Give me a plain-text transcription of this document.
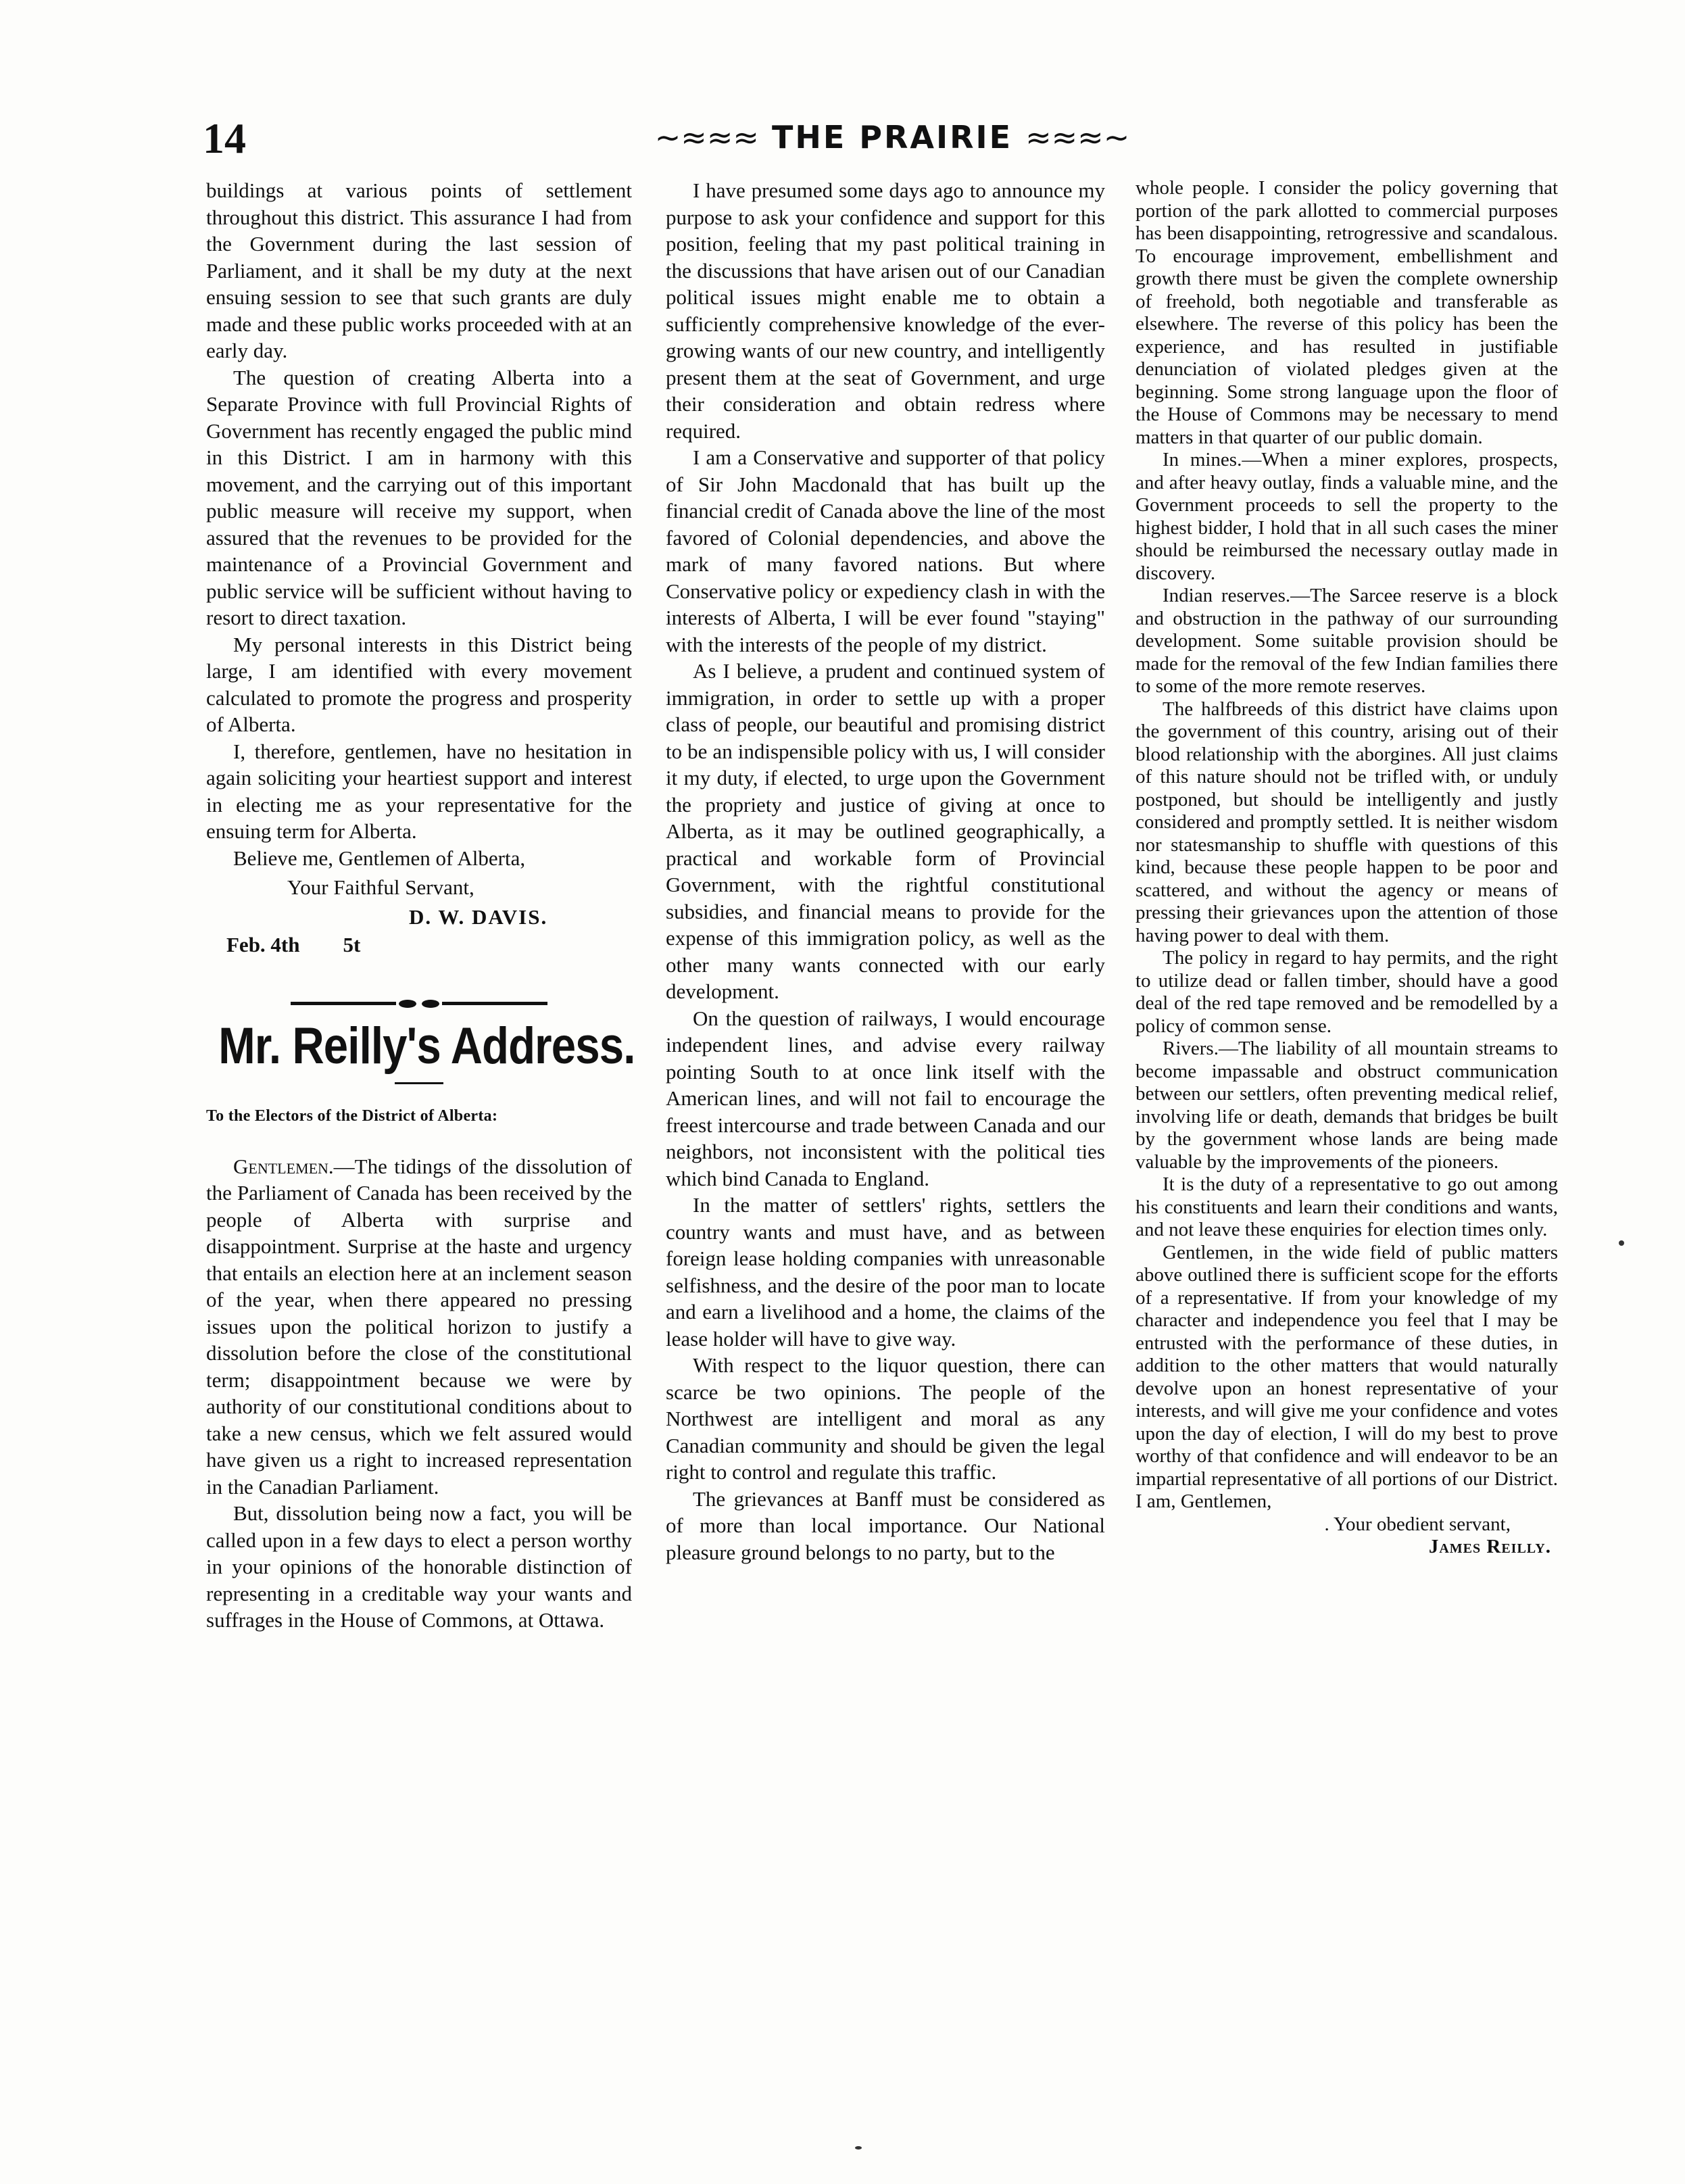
14	~≈≈≈ THE PRAIRIE ≈≈≈~

buildings at various points of settlement throughout this district. This assurance I had from the Government during the last session of Parliament, and it shall be my duty at the next ensuing session to see that such grants are duly made and these public works proceeded with at an early day.

The question of creating Alberta into a Separate Province with full Provincial Rights of Government has recently engaged the public mind in this District. I am in harmony with this movement, and the carrying out of this important public measure will receive my support, when assured that the revenues to be provided for the maintenance of a Provincial Government and public service will be sufficient without having to resort to direct taxation.

My personal interests in this District being large, I am identified with every movement calculated to promote the progress and prosperity of Alberta.

I, therefore, gentlemen, have no hesitation in again soliciting your heartiest support and interest in electing me as your representative for the ensuing term for Alberta.

Believe me, Gentlemen of Alberta,
Your Faithful Servant,
D. W. DAVIS.
Feb. 4th 5t
Mr. Reilly's Address.
To the Electors of the District of Alberta:

Gentlemen.—The tidings of the dissolution of the Parliament of Canada has been received by the people of Alberta with surprise and disappointment. Surprise at the haste and urgency that entails an election here at an inclement season of the year, when there appeared no pressing issues upon the political horizon to justify a dissolution before the close of the constitutional term; disappointment because we were by authority of our constitutional conditions about to take a new census, which we felt assured would have given us a right to increased representation in the Canadian Parliament.

But, dissolution being now a fact, you will be called upon in a few days to elect a person worthy in your opinions of the honorable distinction of representing in a creditable way your wants and suffrages in the House of Commons, at Ottawa.

I have presumed some days ago to announce my purpose to ask your confidence and support for this position, feeling that my past political training in the discussions that have arisen out of our Canadian political issues might enable me to obtain a sufficiently comprehensive knowledge of the ever-growing wants of our new country, and intelligently present them at the seat of Government, and urge their consideration and obtain redress where required.

I am a Conservative and supporter of that policy of Sir John Macdonald that has built up the financial credit of Canada above the line of the most favored of Colonial dependencies, and above the mark of many favored nations. But where Conservative policy or expediency clash in with the interests of Alberta, I will be ever found "staying" with the interests of the people of my district.

As I believe, a prudent and continued system of immigration, in order to settle up with a proper class of people, our beautiful and promising district to be an indispensible policy with us, I will consider it my duty, if elected, to urge upon the Government the propriety and justice of giving at once to Alberta, as it may be outlined geographically, a practical and workable form of Provincial Government, with the rightful constitutional subsidies, and financial means to provide for the expense of this immigration policy, as well as the other many wants connected with our early development.

On the question of railways, I would encourage independent lines, and advise every railway pointing South to at once link itself with the American lines, and will not fail to encourage the freest intercourse and trade between Canada and our neighbors, not inconsistent with the political ties which bind Canada to England.

In the matter of settlers' rights, settlers the country wants and must have, and as between foreign lease holding companies with unreasonable selfishness, and the desire of the poor man to locate and earn a livelihood and a home, the claims of the lease holder will have to give way.

With respect to the liquor question, there can scarce be two opinions. The people of the Northwest are intelligent and moral as any Canadian community and should be given the legal right to control and regulate this traffic.

The grievances at Banff must be considered as of more than local importance. Our National pleasure ground belongs to no party, but to the

whole people. I consider the policy governing that portion of the park allotted to commercial purposes has been disappointing, retrogressive and scandalous. To encourage improvement, embellishment and growth there must be given the complete ownership of freehold, both negotiable and transferable as elsewhere. The reverse of this policy has been the experience, and has resulted in justifiable denunciation of violated pledges given at the beginning. Some strong language upon the floor of the House of Commons may be necessary to mend matters in that quarter of our public domain.

In mines.—When a miner explores, prospects, and after heavy outlay, finds a valuable mine, and the Government proceeds to sell the property to the highest bidder, I hold that in all such cases the miner should be reimbursed the necessary outlay made in discovery.

Indian reserves.—The Sarcee reserve is a block and obstruction in the pathway of our surrounding development. Some suitable provision should be made for the removal of the few Indian families there to some of the more remote reserves.

The halfbreeds of this district have claims upon the government of this country, arising out of their blood relationship with the aborgines. All just claims of this nature should not be trifled with, or unduly postponed, but should be intelligently and justly considered and promptly settled. It is neither wisdom nor statesmanship to shuffle with questions of this kind, because these people happen to be poor and scattered, and without the agency or means of pressing their grievances upon the attention of those having power to deal with them.

The policy in regard to hay permits, and the right to utilize dead or fallen timber, should have a good deal of the red tape removed and be remodelled by a policy of common sense.

Rivers.—The liability of all mountain streams to become impassable and obstruct communication between our settlers, often preventing medical relief, involving life or death, demands that bridges be built by the government whose lands are being made valuable by the improvements of the pioneers.

It is the duty of a representative to go out among his constituents and learn their conditions and wants, and not leave these enquiries for election times only.

Gentlemen, in the wide field of public matters above outlined there is sufficient scope for the efforts of a representative. If from your knowledge of my character and independence you feel that I may be entrusted with the performance of these duties, in addition to the other matters that would naturally devolve upon an honest representative of your interests, and will give me your confidence and votes upon the day of election, I will do my best to prove worthy of that confidence and will endeavor to be an impartial representative of all portions of our District. I am, Gentlemen,

. Your obedient servant,
James Reilly.
